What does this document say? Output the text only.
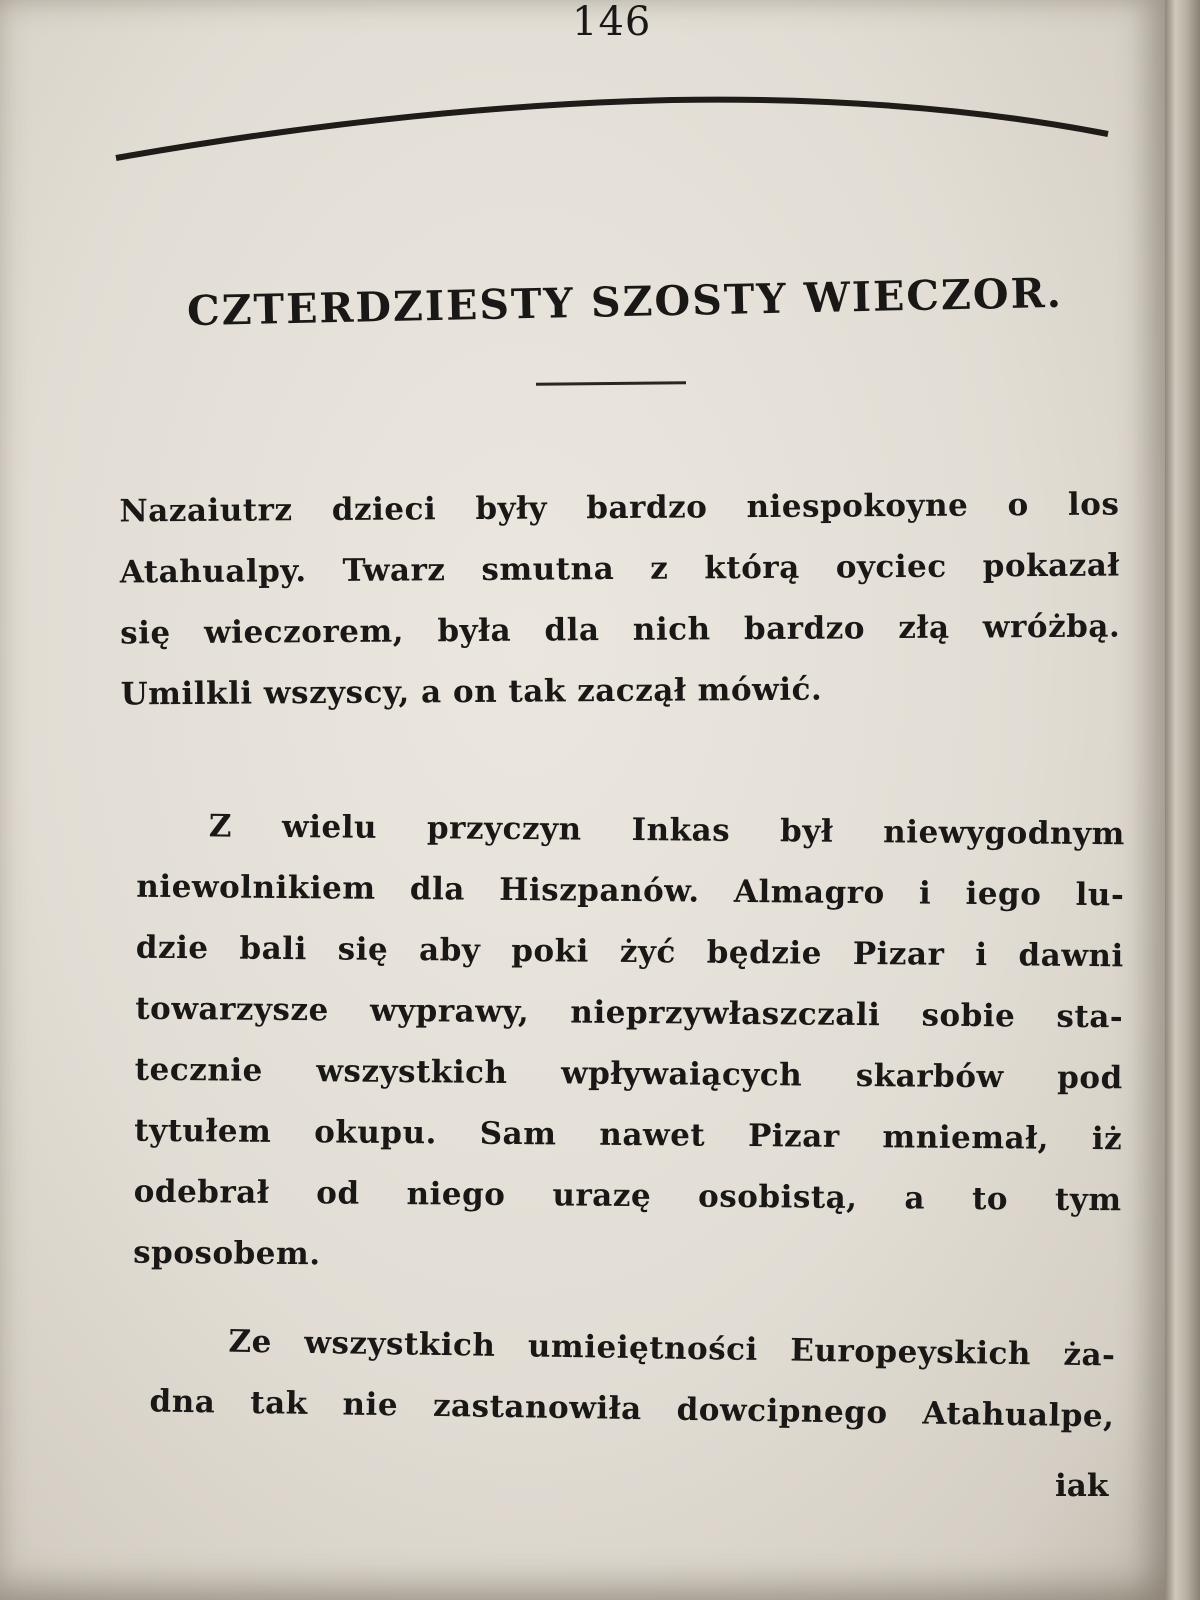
146
CZTERDZIESTY SZOSTY WIECZOR.
Nazaiutrz dzieci były bardzo niespokoyne o los
Atahualpy. Twarz smutna z którą oyciec pokazał
się wieczorem, była dla nich bardzo złą wróżbą.
Umilkli wszyscy, a on tak zaczął mówić.
Z wielu przyczyn Inkas był niewygodnym
niewolnikiem dla Hiszpanów. Almagro i iego lu-
dzie bali się aby poki żyć będzie Pizar i dawni
towarzysze wyprawy, nieprzywłaszczali sobie sta-
tecznie wszystkich wpływaiących skarbów pod
tytułem okupu. Sam nawet Pizar mniemał, iż
odebrał od niego urazę osobistą, a to tym
sposobem.
Ze wszystkich umieiętności Europeyskich ża-
dna tak nie zastanowiła dowcipnego Atahualpe,
iak
